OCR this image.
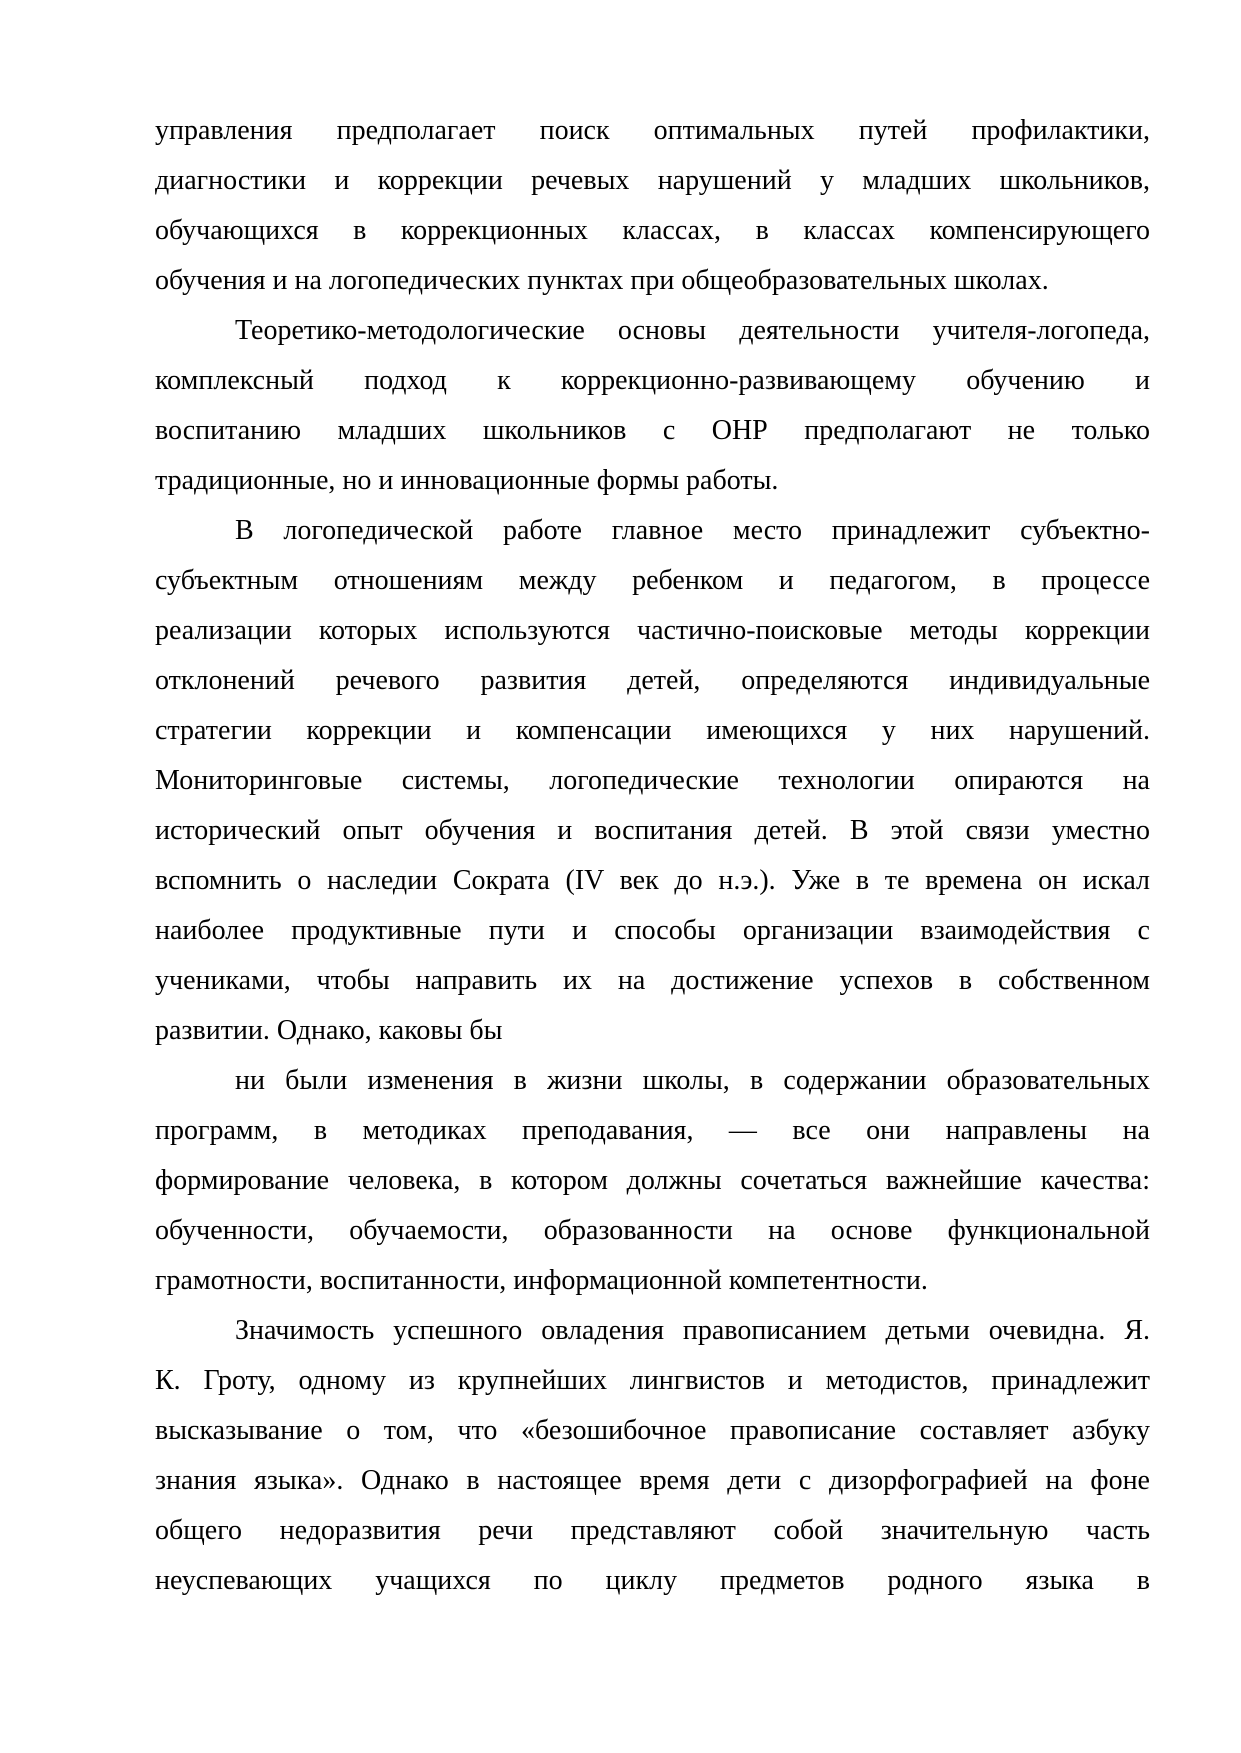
управления предполагает поиск оптимальных путей профилактики,
диагностики и коррекции речевых нарушений у младших школьников,
обучающихся в коррекционных классах, в классах компенсирующего
обучения и на логопедических пунктах при общеобразовательных школах.
Теоретико-методологические основы деятельности учителя-логопеда,
комплексный подход к коррекционно-развивающему обучению и
воспитанию младших школьников с ОНР предполагают не только
традиционные, но и инновационные формы работы.
В логопедической работе главное место принадлежит субъектно-
субъектным отношениям между ребенком и педагогом, в процессе
реализации которых используются частично-поисковые методы коррекции
отклонений речевого развития детей, определяются индивидуальные
стратегии коррекции и компенсации имеющихся у них нарушений.
Мониторинговые системы, логопедические технологии опираются на
исторический опыт обучения и воспитания детей. В этой связи уместно
вспомнить о наследии Сократа (IV век до н.э.). Уже в те времена он искал
наиболее продуктивные пути и способы организации взаимодействия с
учениками, чтобы направить их на достижение успехов в собственном
развитии. Однако, каковы бы
ни были изменения в жизни школы, в содержании образовательных
программ, в методиках преподавания, — все они направлены на
формирование человека, в котором должны сочетаться важнейшие качества:
обученности, обучаемости, образованности на основе функциональной
грамотности, воспитанности, информационной компетентности.
Значимость успешного овладения правописанием детьми очевидна. Я.
К. Гроту, одному из крупнейших лингвистов и методистов, принадлежит
высказывание о том, что «безошибочное правописание составляет азбуку
знания языка». Однако в настоящее время дети с дизорфографией на фоне
общего недоразвития речи представляют собой значительную часть
неуспевающих учащихся по циклу предметов родного языка в
